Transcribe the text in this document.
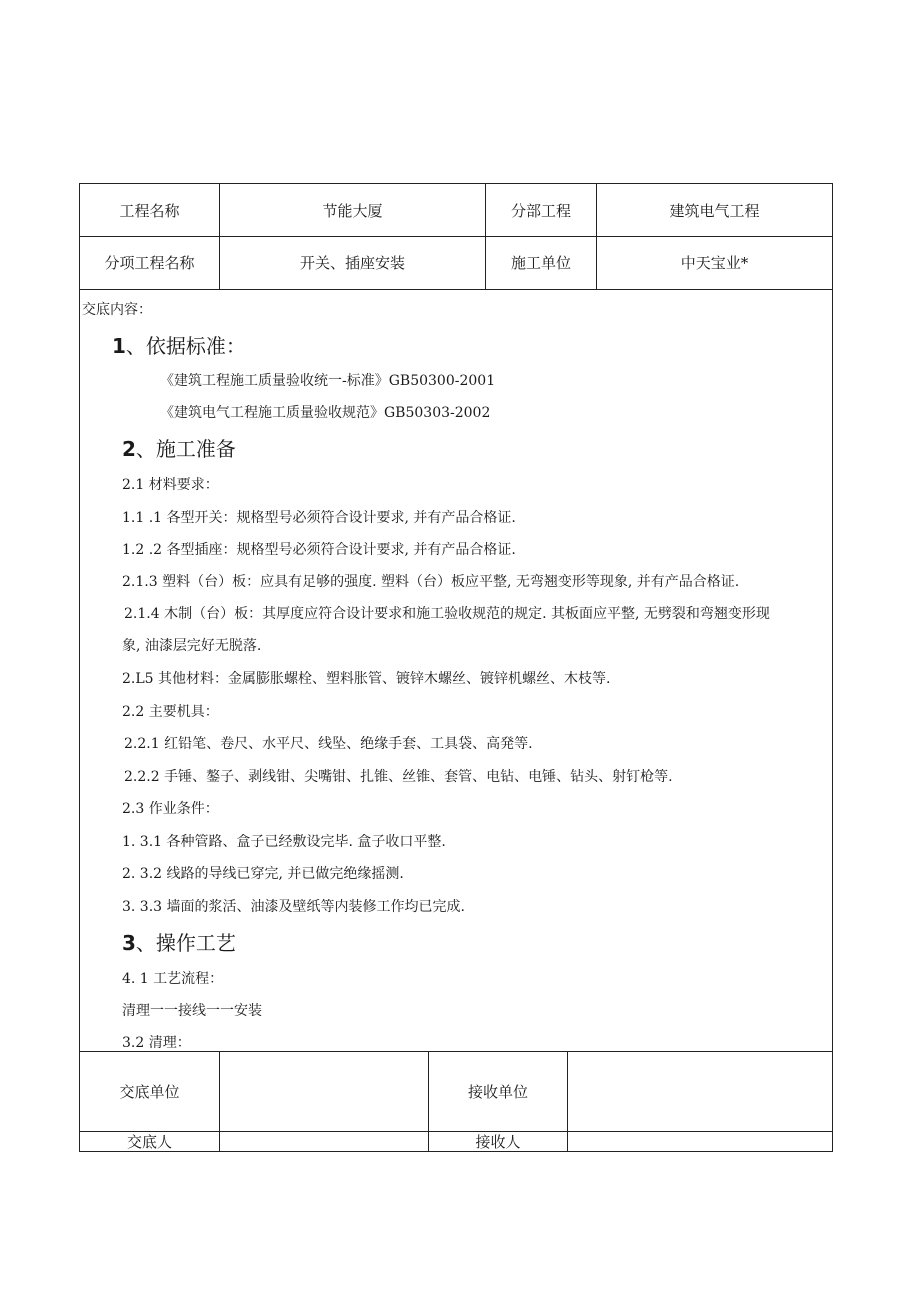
工程名称	节能大厦	分部工程	建筑电气工程
分项工程名称	开关、插座安装	施工单位	中天宝业*
交底内容：
1、依据标准：
《建筑工程施工质量验收统一-标准》GB50300-2001
《建筑电气工程施工质量验收规范》GB50303-2002
2、施工准备
2.1 材料要求：
1.1 .1 各型开关：规格型号必须符合设计要求, 并有产品合格证.
1.2 .2 各型插座：规格型号必须符合设计要求, 并有产品合格证.
2.1.3 塑料（台）板：应具有足够的强度. 塑料（台）板应平整, 无弯翘变形等现象, 并有产品合格证.
2.1.4 木制（台）板：其厚度应符合设计要求和施工验收规范的规定. 其板面应平整, 无劈裂和弯翘变形现
象, 油漆层完好无脱落.
2.L5 其他材料：金属膨胀螺栓、塑料胀管、镀锌木螺丝、镀锌机螺丝、木枝等.
2.2 主要机具：
2.2.1 红铅笔、卷尺、水平尺、线坠、绝缘手套、工具袋、高発等.
2.2.2 手锤、鏊子、剥线钳、尖嘴钳、扎锥、丝锥、套管、电钻、电锤、钻头、射钉枪等.
2.3 作业条件：
1. 3.1 各种管路、盒子已经敷设完毕. 盒子收口平整.
2. 3.2 线路的导线已穿完, 并已做完绝缘摇测.
3. 3.3 墙面的浆活、油漆及壁纸等内装修工作均已完成.
3、操作工艺
4. 1 工艺流程：
清理一一接线一一安装
3.2 清理：
交底单位	接收单位
交底人	接收人
